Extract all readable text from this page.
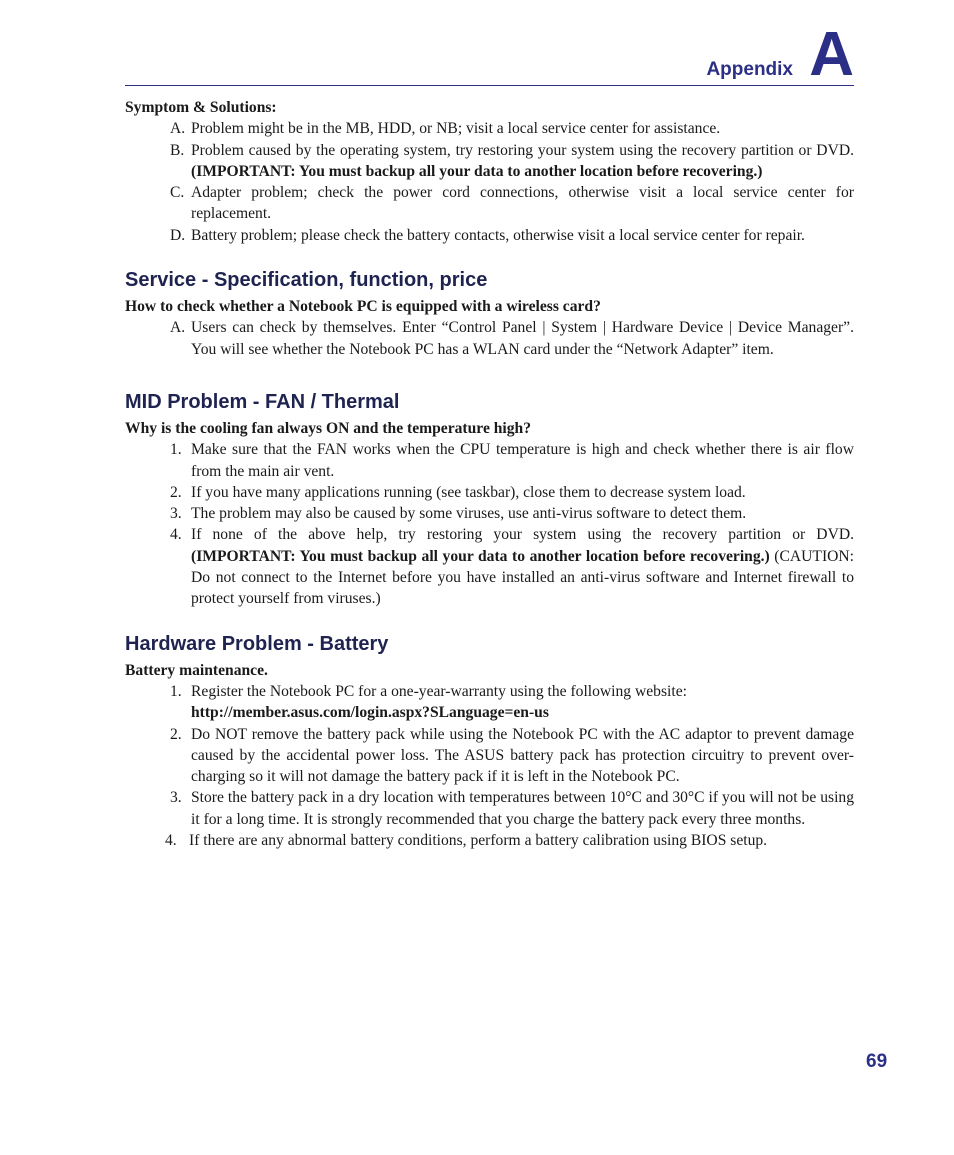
Appendix A

Symptom & Solutions:

A. Problem might be in the MB, HDD, or NB; visit a local service center for assistance.
B. Problem caused by the operating system, try restoring your system using the recovery partition or DVD. (IMPORTANT: You must backup all your data to another location before recovering.)
C. Adapter problem; check the power cord connections, otherwise visit a local service center for replacement.
D. Battery problem; please check the battery contacts, otherwise visit a local service center for repair.
Service - Specification, function, price

How to check whether a Notebook PC is equipped with a wireless card?

A. Users can check by themselves. Enter “Control Panel | System | Hardware Device | Device Manager”. You will see whether the Notebook PC has a WLAN card under the “Network Adapter” item.
MID Problem - FAN / Thermal

Why is the cooling fan always ON and the temperature high?

1. Make sure that the FAN works when the CPU temperature is high and check whether there is air flow from the main air vent.
2. If you have many applications running (see taskbar), close them to decrease system load.
3. The problem may also be caused by some viruses, use anti-virus software to detect them.
4. If none of the above help, try restoring your system using the recovery partition or DVD. (IMPORTANT: You must backup all your data to another location before recovering.) (CAUTION: Do not connect to the Internet before you have installed an anti-virus software and Internet firewall to protect yourself from viruses.)
Hardware Problem - Battery

Battery maintenance.

1. Register the Notebook PC for a one-year-warranty using the following website:
http://member.asus.com/login.aspx?SLanguage=en-us
2. Do NOT remove the battery pack while using the Notebook PC with the AC adaptor to prevent damage caused by the accidental power loss. The ASUS battery pack has protection circuitry to prevent over-charging so it will not damage the battery pack if it is left in the Notebook PC.
3. Store the battery pack in a dry location with temperatures between 10°C and 30°C if you will not be using it for a long time. It is strongly recommended that you charge the battery pack every three months.
4. If there are any abnormal battery conditions, perform a battery calibration using BIOS setup.
69
